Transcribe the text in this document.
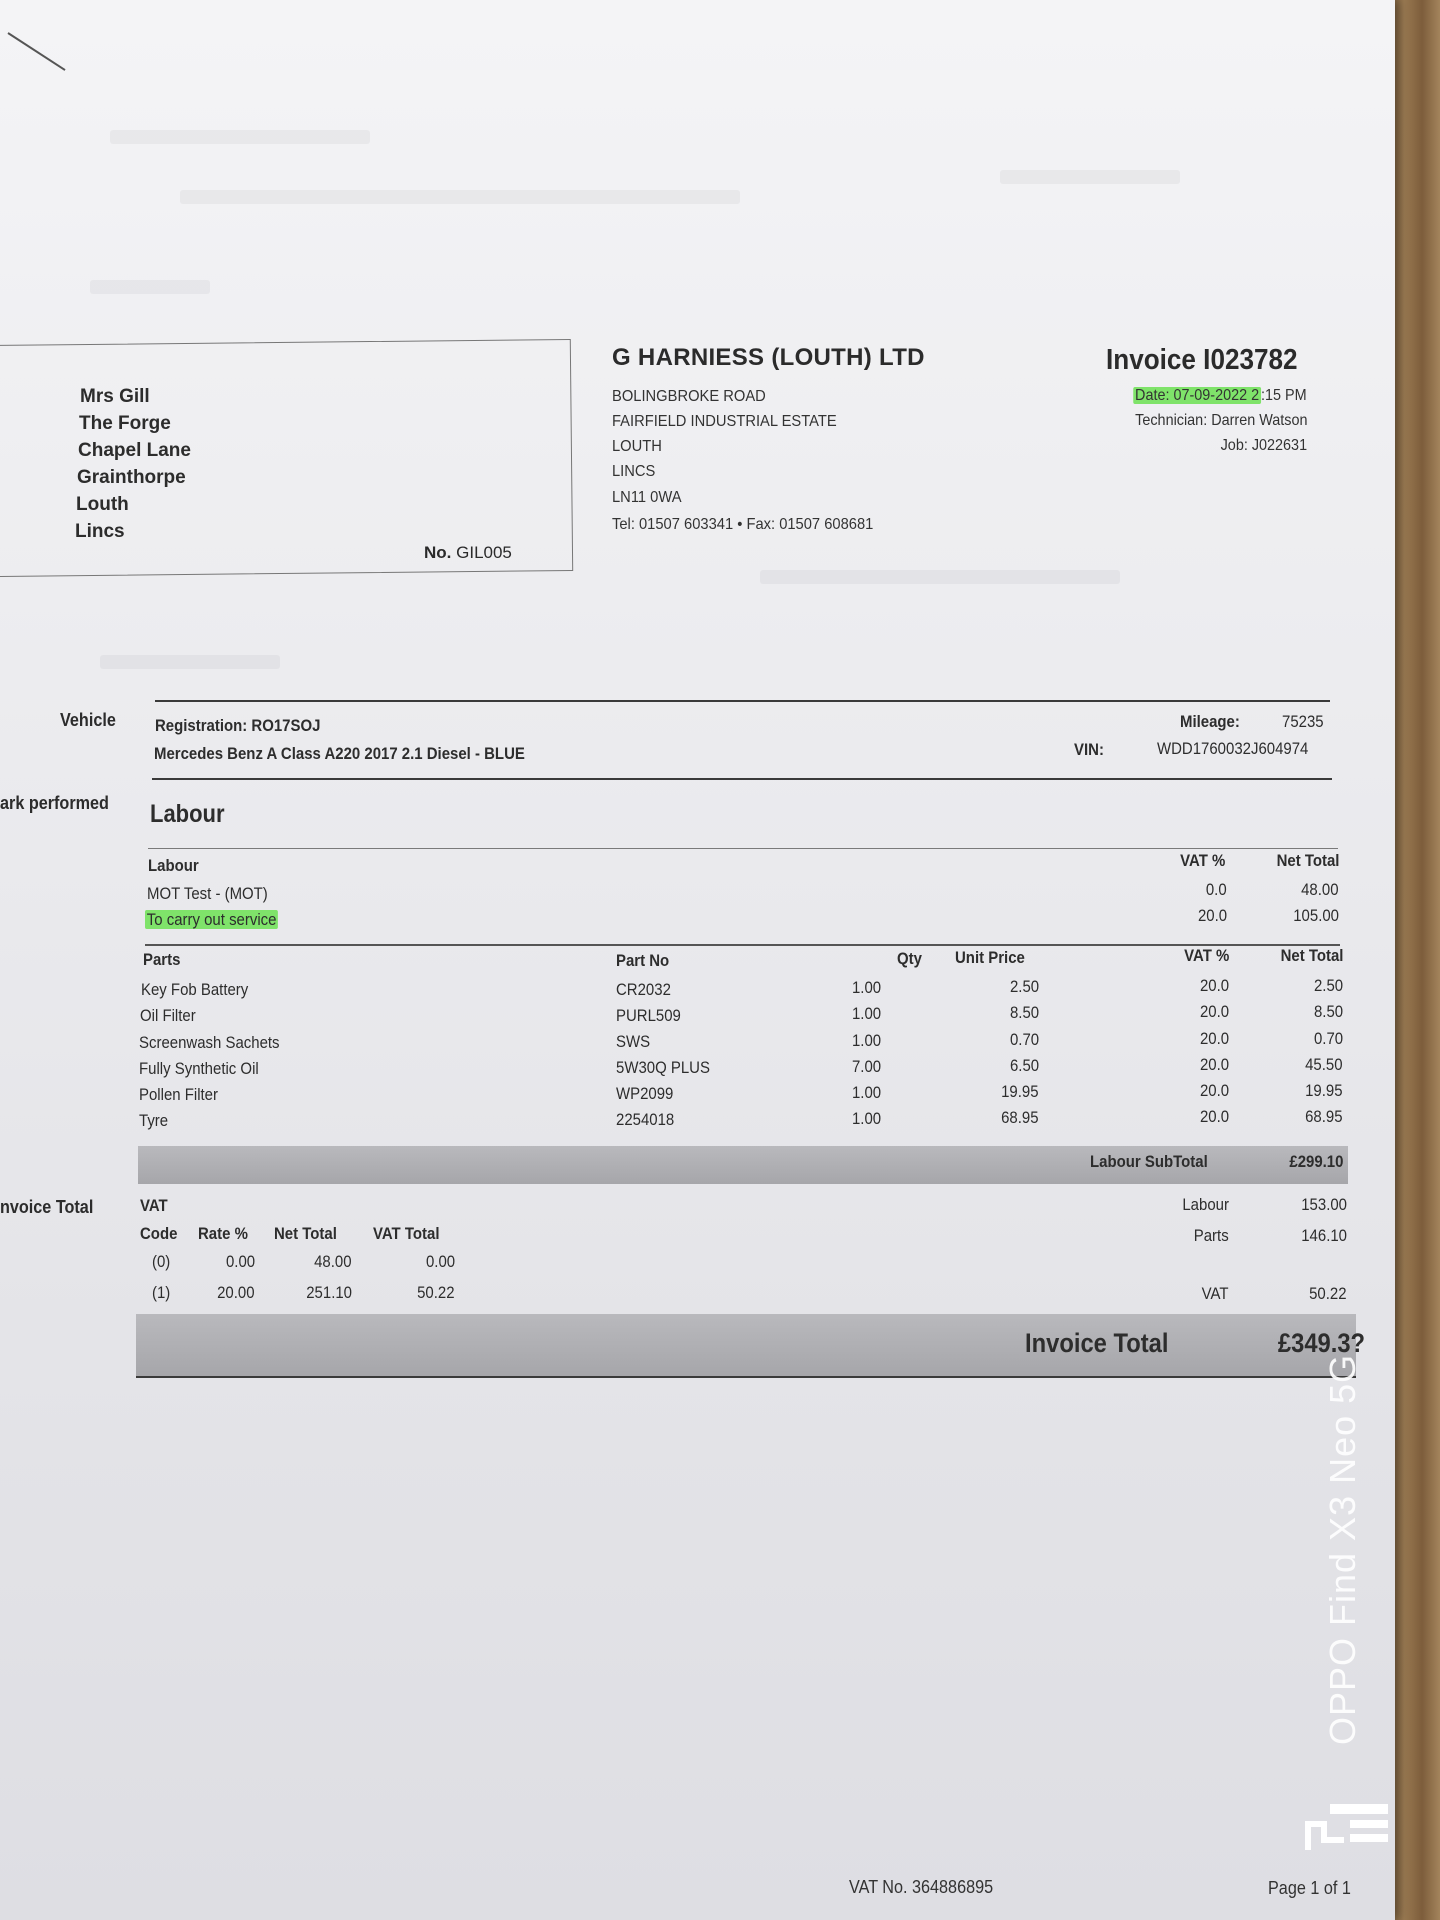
Mrs Gill
The Forge
Chapel Lane
Grainthorpe
Louth
Lincs
No. GIL005
G HARNIESS (LOUTH) LTD
BOLINGBROKE ROAD
FAIRFIELD INDUSTRIAL ESTATE
LOUTH
LINCS
LN11 0WA
Tel: 01507 603341 • Fax: 01507 608681
Invoice I023782
Date: 07-09-2022 2 :15 PM
Technician: Darren Watson
Job: J022631
Vehicle
ark performed
nvoice Total
Registration: RO17SOJ
Mercedes Benz A Class A220 2017 2.1 Diesel - BLUE
Mileage: 75235
VIN:	WDD1760032J604974
Labour
Labour	VAT %	Net Total
MOT Test - (MOT)	0.0	48.00
To carry out service	20.0	105.00
Parts	Part No	Qty Unit Price	VAT %	Net Total
Key Fob Battery	CR2032	1.00	2.50	20.0	2.50
Oil Filter	PURL509	1.00	8.50	20.0	8.50
Screenwash Sachets	SWS	1.00	0.70	20.0	0.70
Fully Synthetic Oil	5W30Q PLUS	7.00	6.50	20.0	45.50
Pollen Filter	WP2099	1.00	19.95	20.0	19.95
Tyre	2254018	1.00	68.95	20.0	68.95
Labour SubTotal	£299.10
VAT
Code Rate % Net Total VAT Total
(0)	0.00	48.00	0.00
(1)	20.00	251.10	50.22
Labour	153.00
Parts	146.10
VAT	50.22
Invoice Total	£349.3?
VAT No. 364886895	Page 1 of 1
OPPO Find X3 Neo 5G
